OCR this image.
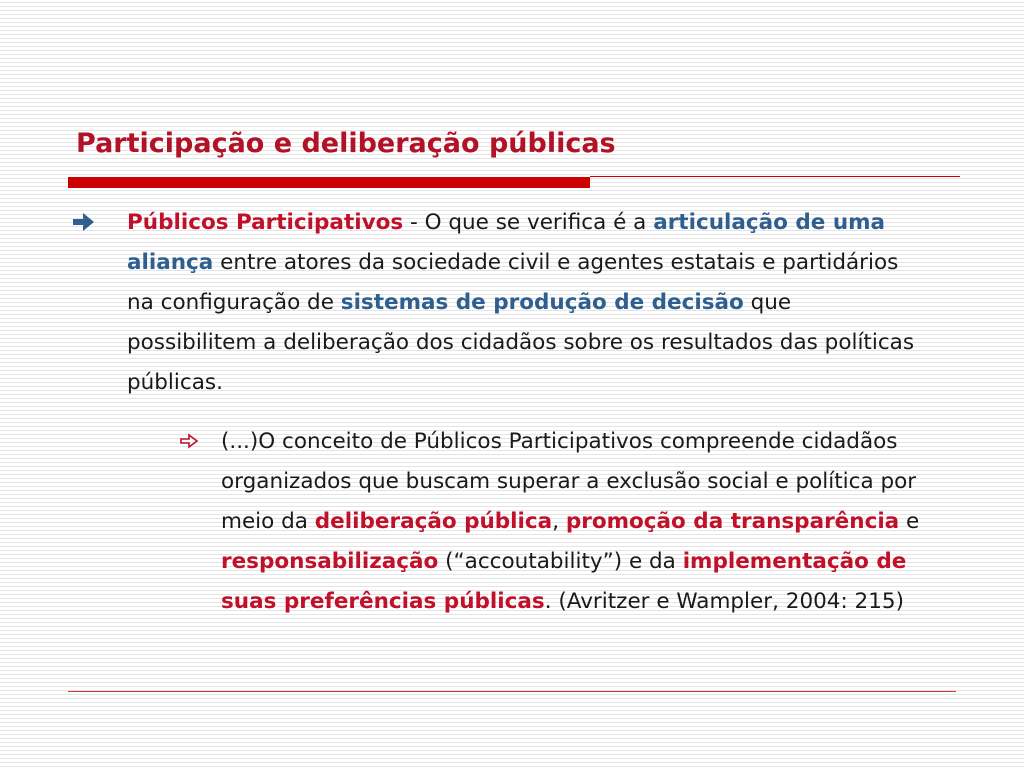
Participação e deliberação públicas
Públicos Participativos - O que se verifica é a articulação de uma aliança entre atores da sociedade civil e agentes estatais e partidários na configuração de sistemas de produção de decisão que possibilitem a deliberação dos cidadãos sobre os resultados das políticas públicas.
(...)O conceito de Públicos Participativos compreende cidadãos organizados que buscam superar a exclusão social e política por meio da deliberação pública, promoção da transparência e responsabilização (“accoutability”) e da implementação de suas preferências públicas. (Avritzer e Wampler, 2004: 215)
